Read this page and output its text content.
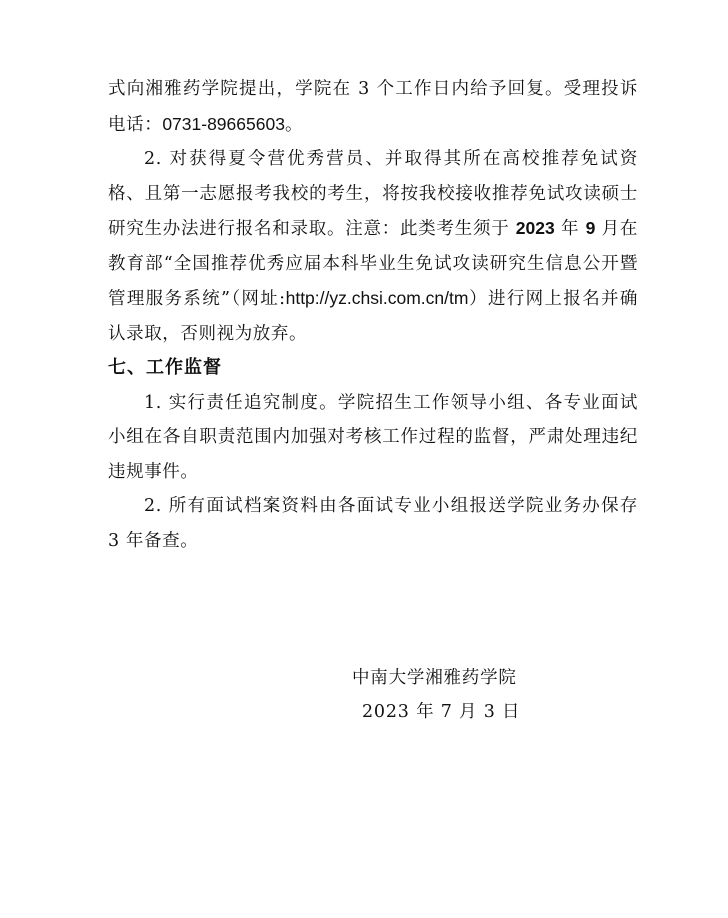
式向湘雅药学院提出，学院在 3 个工作日内给予回复。受理投诉电话：0731-89665603。

2. 对获得夏令营优秀营员、并取得其所在高校推荐免试资格、且第一志愿报考我校的考生，将按我校接收推荐免试攻读硕士研究生办法进行报名和录取。注意：此类考生须于 2023 年 9 月在教育部“全国推荐优秀应届本科毕业生免试攻读研究生信息公开暨管理服务系统”（网址:http://yz.chsi.com.cn/tm）进行网上报名并确认录取，否则视为放弃。

七、工作监督

1. 实行责任追究制度。学院招生工作领导小组、各专业面试小组在各自职责范围内加强对考核工作过程的监督，严肃处理违纪违规事件。

2. 所有面试档案资料由各面试专业小组报送学院业务办保存 3 年备查。

中南大学湘雅药学院
2023 年 7 月 3 日
